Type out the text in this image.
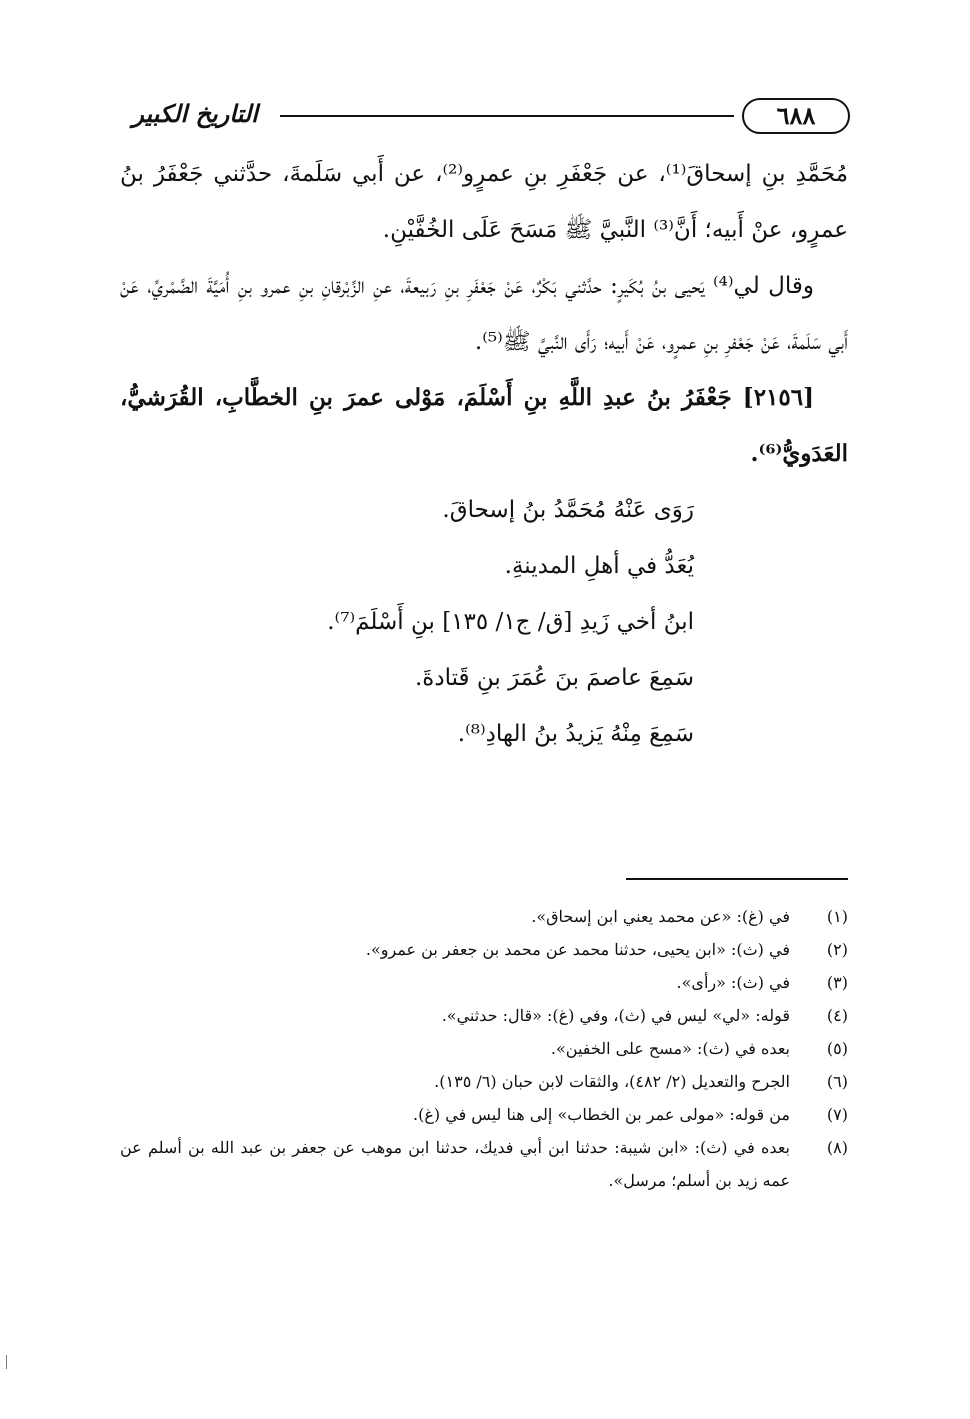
٦٨٨
التاريخ الكبير

مُحَمَّدِ بنِ إسحاقَ⁽¹⁾، عن جَعْفَرِ بنِ عمرٍو⁽²⁾، عن أَبي سَلَمةَ، حدَّثني جَعْفَرُ بنُ عمرٍو، عنْ أَبيه؛ أَنَّ⁽³⁾ النَّبيَّ ﷺ مَسَحَ عَلَى الخُفَّيْنِ.

وقال لي⁽⁴⁾ يَحيى بنُ بُكَيرٍ: حدَّثني بَكْرٌ، عَنْ جَعْفَرِ بنِ رَبيعةَ، عنِ الزِّبْرقانِ بنِ عمرو بنِ أُمَيَّةَ الضَّمْريِّ، عَنْ أَبي سَلَمةَ، عَنْ جَعْفرِ بنِ عمرٍو، عَنْ أَبيه؛ رَأَى النَّبيَّ ﷺ⁽⁵⁾.

[٢١٥٦] جَعْفَرُ بنُ عبدِ اللَّهِ بنِ أَسْلَمَ، مَوْلى عمرَ بنِ الخطَّابِ، القُرَشيُّ، العَدَويُّ⁽⁶⁾.

رَوَى عَنْهُ مُحَمَّدُ بنُ إسحاقَ.
يُعَدُّ في أهلِ المدينةِ.
ابنُ أخي زَيدِ [ق/ ج١/ ١٣٥] بنِ أَسْلَمَ⁽⁷⁾.
سَمِعَ عاصمَ بنَ عُمَرَ بنِ قَتادةَ.
سَمِعَ مِنْهُ يَزيدُ بنُ الهادِ⁽⁸⁾.
(١)
في (غ): «عن محمد يعني ابن إسحاق».
(٢)
في (ث): «ابن يحيى، حدثنا محمد عن محمد بن جعفر بن عمرو».
(٣)
في (ث): «رأى».
(٤)
قوله: «لي» ليس في (ث)، وفي (غ): «قال: حدثني».
(٥)
بعده في (ث): «مسح على الخفين».
(٦)
الجرح والتعديل (٢/ ٤٨٢)، والثقات لابن حبان (٦/ ١٣٥).
(٧)
من قوله: «مولى عمر بن الخطاب» إلى هنا ليس في (غ).
(٨)
بعده في (ث): «ابن شيبة: حدثنا ابن أبي فديك، حدثنا ابن موهب عن جعفر بن عبد الله بن أسلم عن عمه زيد بن أسلم؛ مرسل».
